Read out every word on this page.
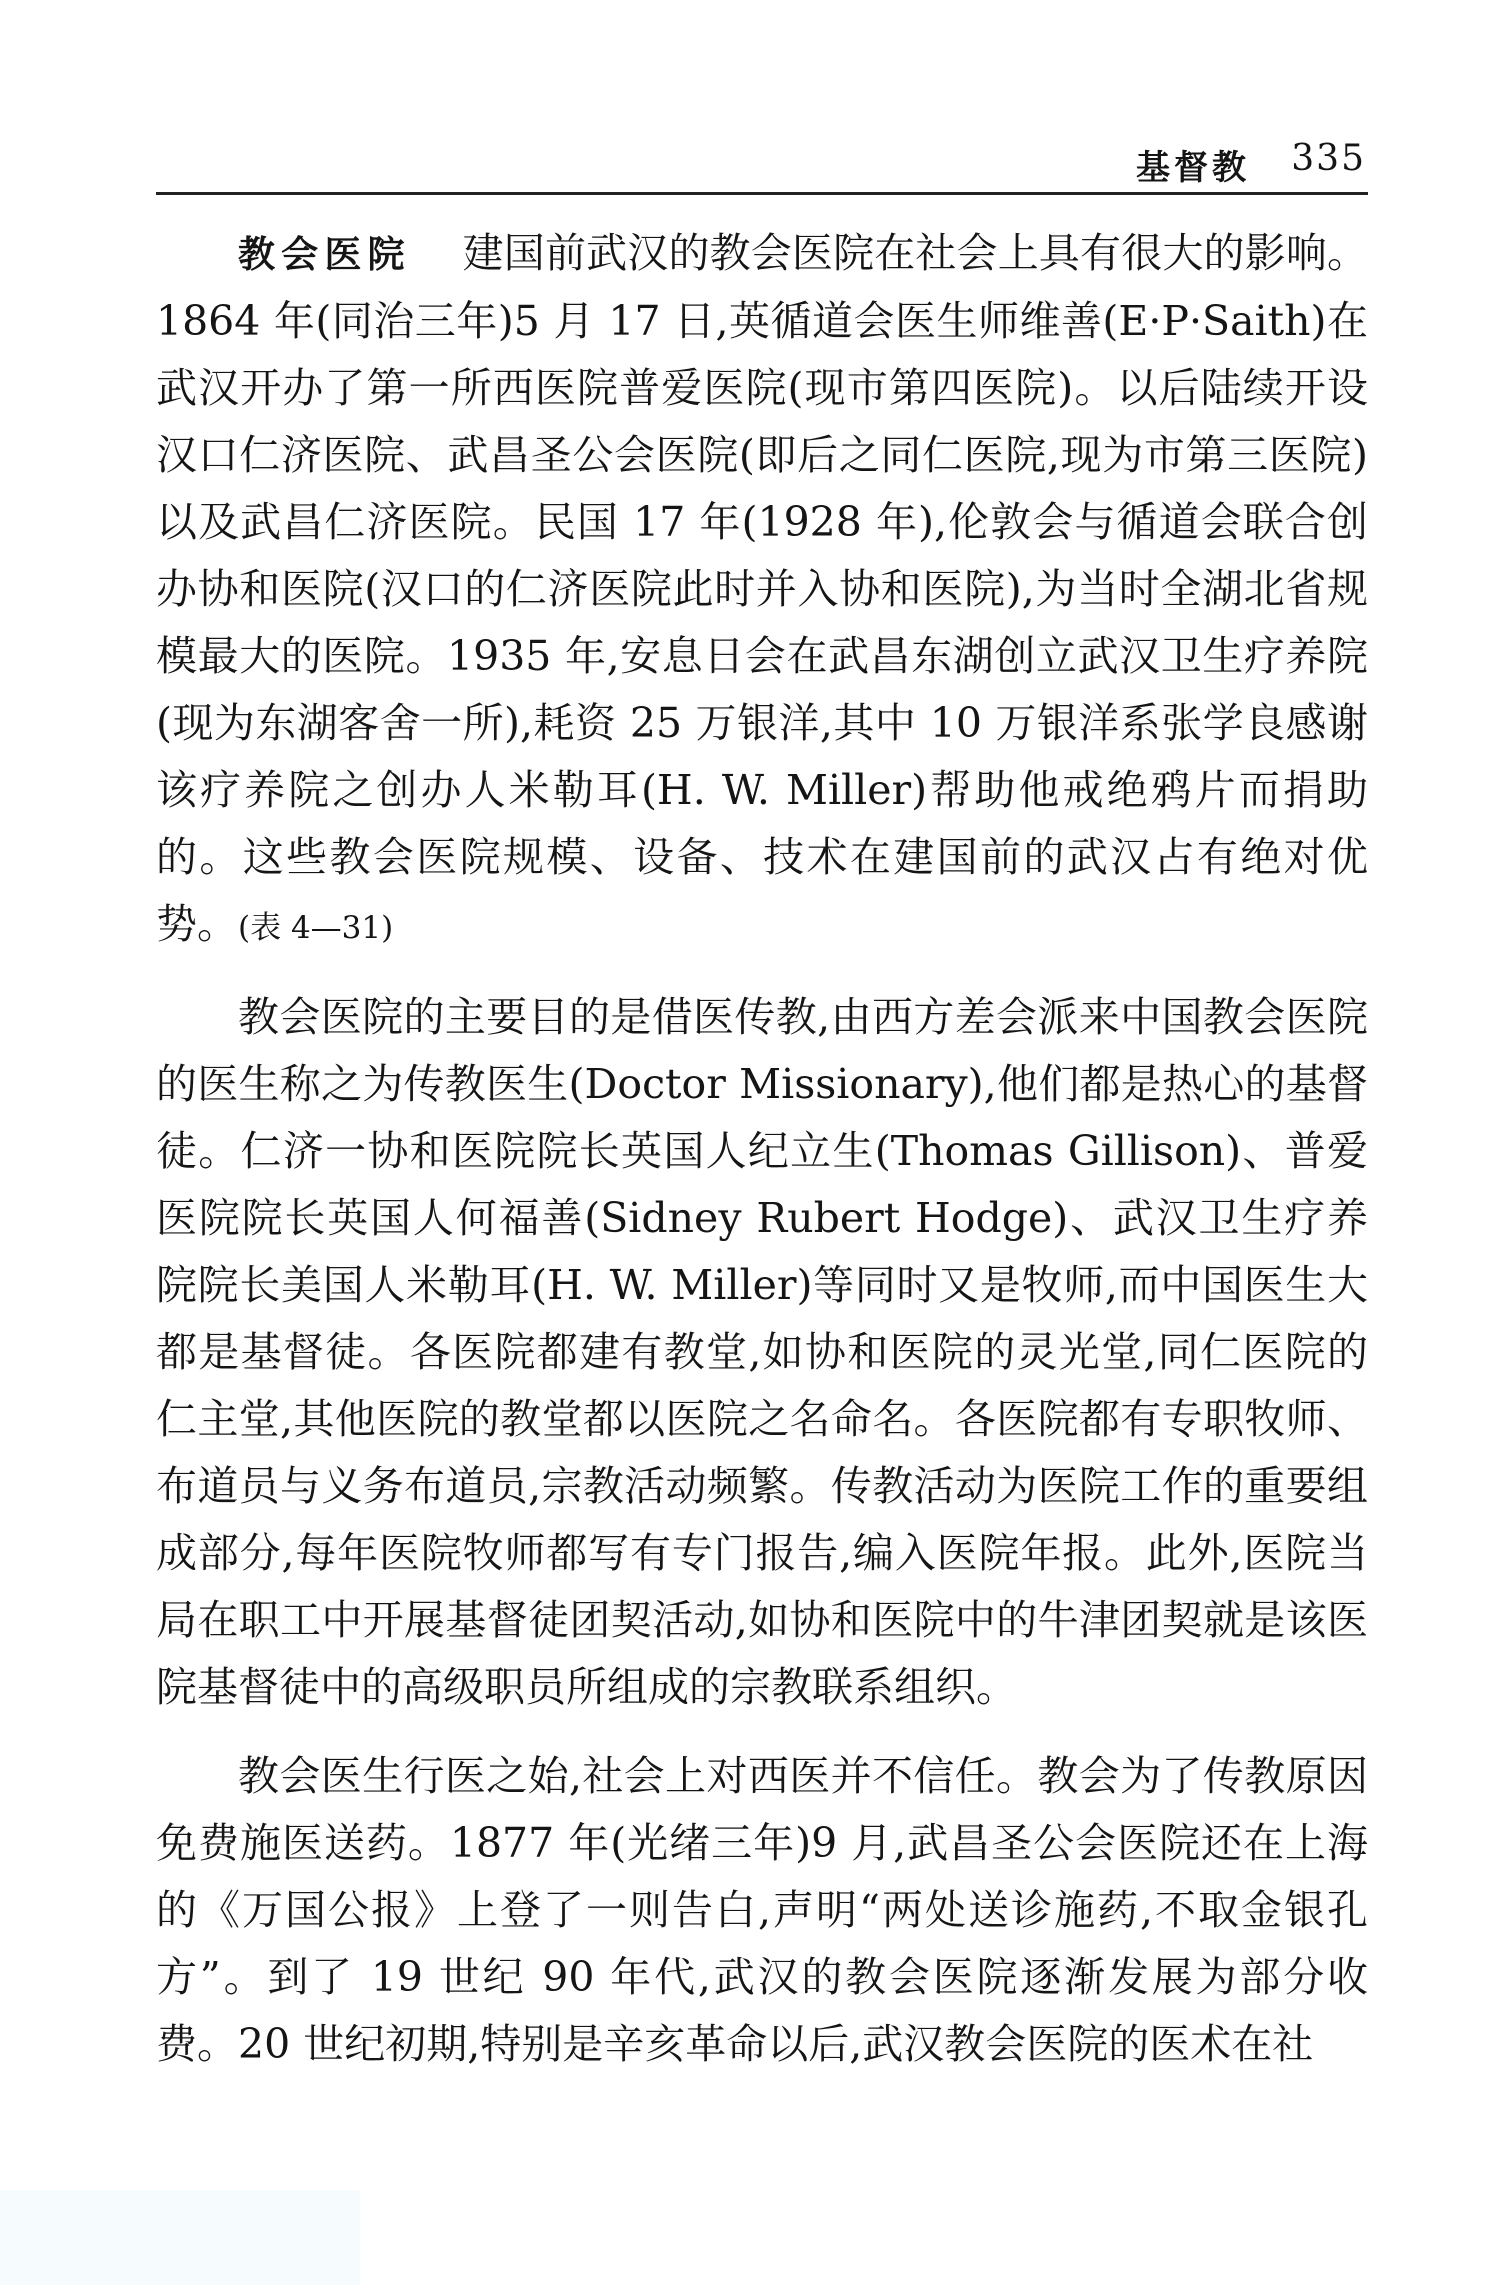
基督教 335

教会医院 建国前武汉的教会医院在社会上具有很大的影响。1864 年(同治三年)5 月 17 日,英循道会医生师维善(E·P·Saith)在武汉开办了第一所西医院普爱医院(现市第四医院)。以后陆续开设汉口仁济医院、武昌圣公会医院(即后之同仁医院,现为市第三医院)以及武昌仁济医院。民国 17 年(1928 年),伦敦会与循道会联合创办协和医院(汉口的仁济医院此时并入协和医院),为当时全湖北省规模最大的医院。1935 年,安息日会在武昌东湖创立武汉卫生疗养院(现为东湖客舍一所),耗资 25 万银洋,其中 10 万银洋系张学良感谢该疗养院之创办人米勒耳(H. W. Miller)帮助他戒绝鸦片而捐助的。这些教会医院规模、设备、技术在建国前的武汉占有绝对优势。(表 4—31)

教会医院的主要目的是借医传教,由西方差会派来中国教会医院的医生称之为传教医生(Doctor Missionary),他们都是热心的基督徒。仁济一协和医院院长英国人纪立生(Thomas Gillison)、普爱医院院长英国人何福善(Sidney Rubert Hodge)、武汉卫生疗养院院长美国人米勒耳(H. W. Miller)等同时又是牧师,而中国医生大都是基督徒。各医院都建有教堂,如协和医院的灵光堂,同仁医院的仁主堂,其他医院的教堂都以医院之名命名。各医院都有专职牧师、布道员与义务布道员,宗教活动频繁。传教活动为医院工作的重要组成部分,每年医院牧师都写有专门报告,编入医院年报。此外,医院当局在职工中开展基督徒团契活动,如协和医院中的牛津团契就是该医院基督徒中的高级职员所组成的宗教联系组织。

教会医生行医之始,社会上对西医并不信任。教会为了传教原因免费施医送药。1877 年(光绪三年)9 月,武昌圣公会医院还在上海的《万国公报》上登了一则告白,声明“两处送诊施药,不取金银孔方”。到了 19 世纪 90 年代,武汉的教会医院逐渐发展为部分收费。20 世纪初期,特别是辛亥革命以后,武汉教会医院的医术在社
